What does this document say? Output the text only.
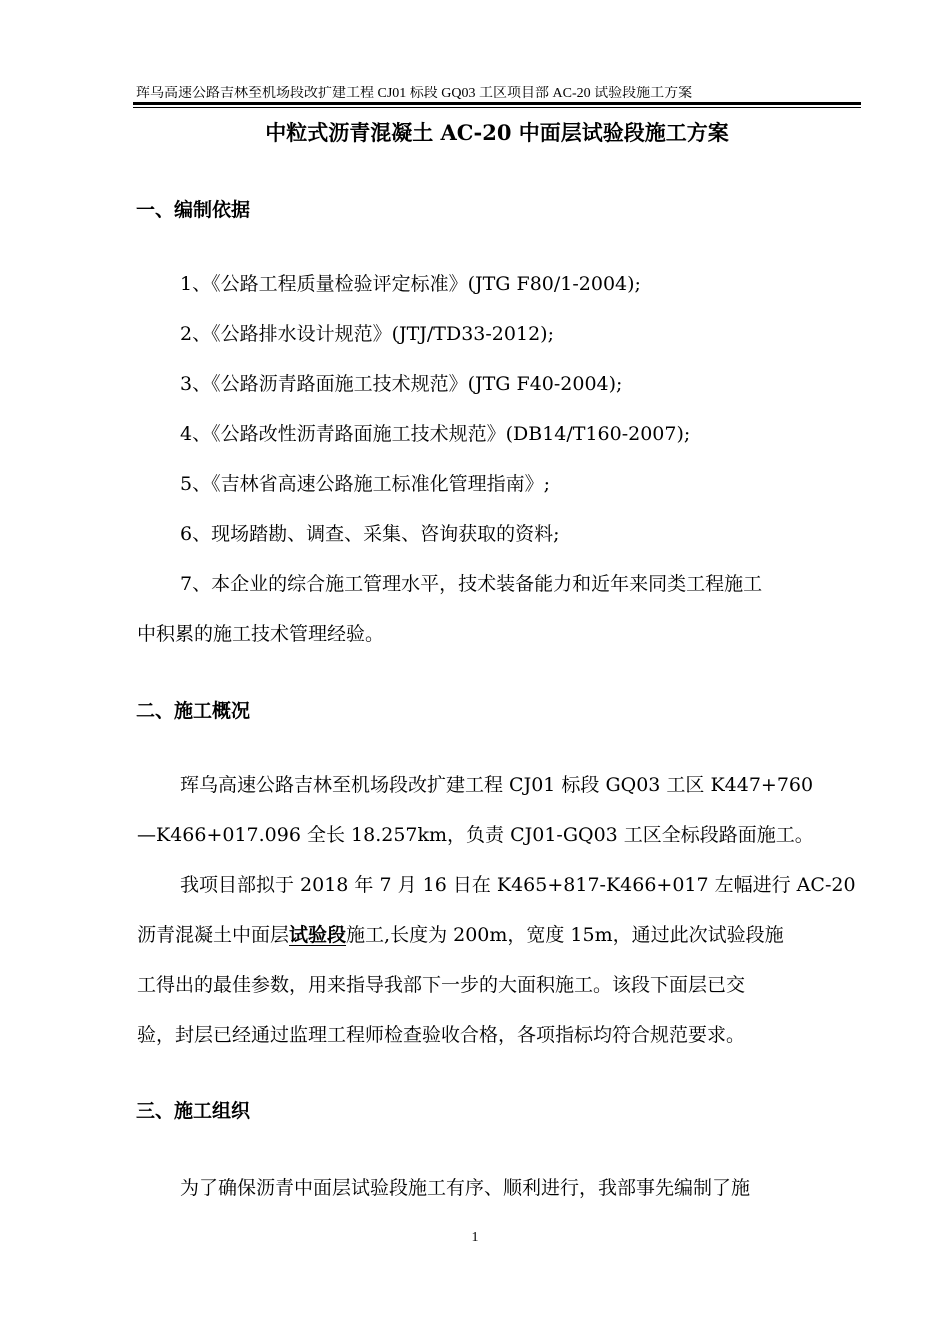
珲乌高速公路吉林至机场段改扩建工程 CJ01 标段 GQ03 工区项目部 AC-20 试验段施工方案
中粒式沥青混凝土 AC-20 中面层试验段施工方案
一、编制依据
1、《公路工程质量检验评定标准》(JTG F80/1-2004);
2、《公路排水设计规范》(JTJ/TD33-2012);
3、《公路沥青路面施工技术规范》(JTG F40-2004);
4、《公路改性沥青路面施工技术规范》(DB14/T160-2007);
5、《吉林省高速公路施工标准化管理指南》;
6、现场踏勘、调查、采集、咨询获取的资料;
7、本企业的综合施工管理水平，技术装备能力和近年来同类工程施工
中积累的施工技术管理经验。
二、施工概况
珲乌高速公路吉林至机场段改扩建工程 CJ01 标段 GQ03 工区 K447+760
—K466+017.096 全长 18.257km，负责 CJ01-GQ03 工区全标段路面施工。
我项目部拟于 2018 年 7 月 16 日在 K465+817-K466+017 左幅进行 AC-20
沥青混凝土中面层试验段施工,长度为 200m，宽度 15m，通过此次试验段施
工得出的最佳参数，用来指导我部下一步的大面积施工。该段下面层已交
验，封层已经通过监理工程师检查验收合格，各项指标均符合规范要求。
三、施工组织
为了确保沥青中面层试验段施工有序、顺利进行，我部事先编制了施
1
